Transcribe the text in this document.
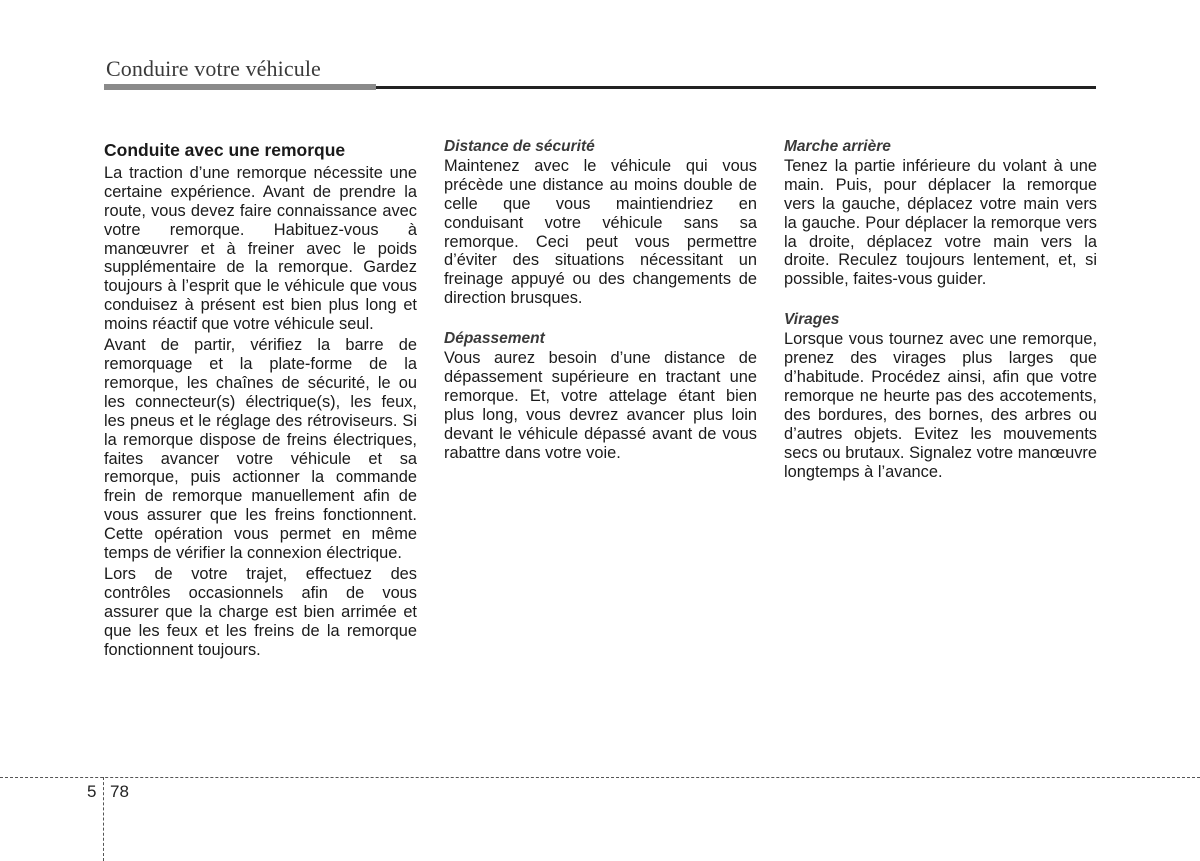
Conduire votre véhicule
Conduite avec une remorque

La traction d’une remorque nécessite une certaine expérience. Avant de prendre la route, vous devez faire connaissance avec votre remorque. Habituez-vous à manœuvrer et à freiner avec le poids supplémentaire de la remorque. Gardez toujours à l’esprit que le véhicule que vous conduisez à présent est bien plus long et moins réactif que votre véhicule seul.

Avant de partir, vérifiez la barre de remorquage et la plate-forme de la remorque, les chaînes de sécurité, le ou les connecteur(s) électrique(s), les feux, les pneus et le réglage des rétroviseurs. Si la remorque dispose de freins électriques, faites avancer votre véhicule et sa remorque, puis actionner la commande frein de remorque manuellement afin de vous assurer que les freins fonctionnent. Cette opération vous permet en même temps de vérifier la connexion électrique.

Lors de votre trajet, effectuez des contrôles occasionnels afin de vous assurer que la charge est bien arrimée et que les feux et les freins de la remorque fonctionnent toujours.

Distance de sécurité

Maintenez avec le véhicule qui vous précède une distance au moins double de celle que vous maintiendriez en conduisant votre véhicule sans sa remorque. Ceci peut vous permettre d’éviter des situations nécessitant un freinage appuyé ou des changements de direction brusques.

Dépassement

Vous aurez besoin d’une distance de dépassement supérieure en tractant une remorque. Et, votre attelage étant bien plus long, vous devrez avancer plus loin devant le véhicule dépassé avant de vous rabattre dans votre voie.

Marche arrière

Tenez la partie inférieure du volant à une main. Puis, pour déplacer la remorque vers la gauche, déplacez votre main vers la gauche. Pour déplacer la remorque vers la droite, déplacez votre main vers la droite. Reculez toujours lentement, et, si possible, faites-vous guider.

Virages

Lorsque vous tournez avec une remorque, prenez des virages plus larges que d’habitude. Procédez ainsi, afin que votre remorque ne heurte pas des accotements, des bordures, des bornes, des arbres ou d’autres objets. Evitez les mouvements secs ou brutaux. Signalez votre manœuvre longtemps à l’avance.

5 78
